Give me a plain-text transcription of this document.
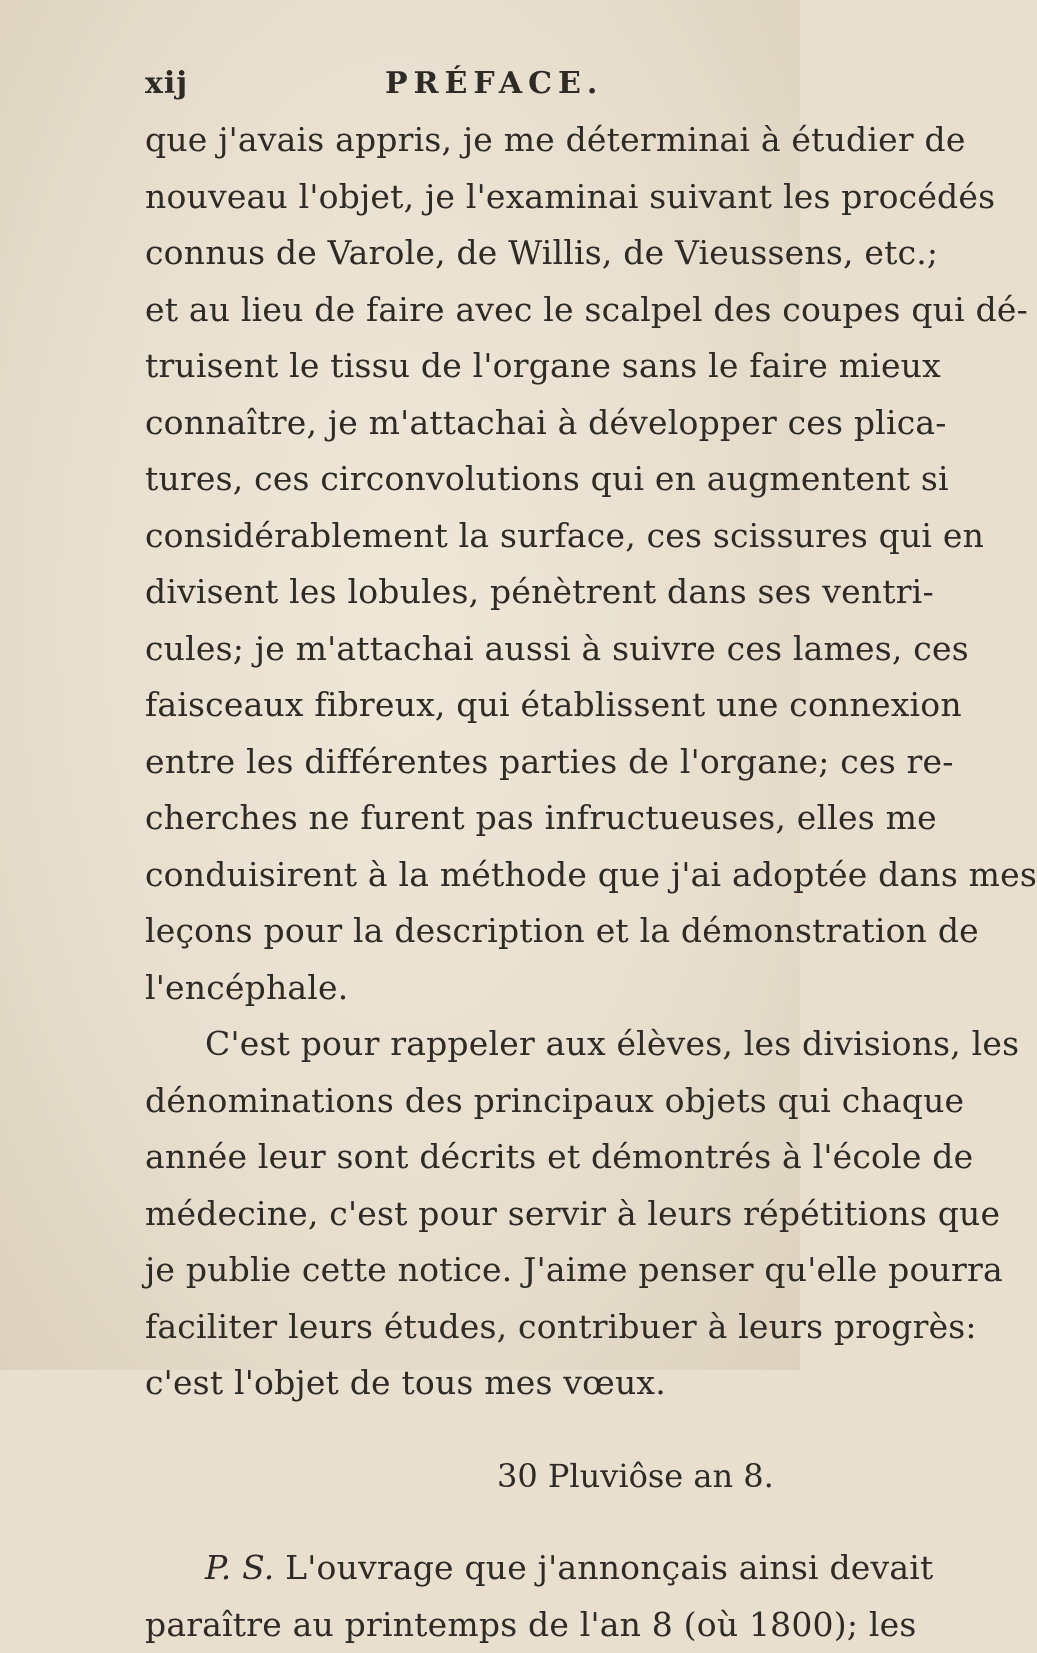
xij	PRÉFACE.
que j'avais appris, je me déterminai à étudier de
nouveau l'objet, je l'examinai suivant les procédés
connus de Varole, de Willis, de Vieussens, etc.;
et au lieu de faire avec le scalpel des coupes qui dé-
truisent le tissu de l'organe sans le faire mieux
connaître, je m'attachai à développer ces plica-
tures, ces circonvolutions qui en augmentent si
considérablement la surface, ces scissures qui en
divisent les lobules, pénètrent dans ses ventri-
cules; je m'attachai aussi à suivre ces lames, ces
faisceaux fibreux, qui établissent une connexion
entre les différentes parties de l'organe; ces re-
cherches ne furent pas infructueuses, elles me
conduisirent à la méthode que j'ai adoptée dans mes
leçons pour la description et la démonstration de
l'encéphale.
C'est pour rappeler aux élèves, les divisions, les
dénominations des principaux objets qui chaque
année leur sont décrits et démontrés à l'école de
médecine, c'est pour servir à leurs répétitions que
je publie cette notice. J'aime penser qu'elle pourra
faciliter leurs études, contribuer à leurs progrès:
c'est l'objet de tous mes vœux.
30 Pluviôse an 8.
P. S. L'ouvrage que j'annonçais ainsi devait
paraître au printemps de l'an 8 (où 1800); les
